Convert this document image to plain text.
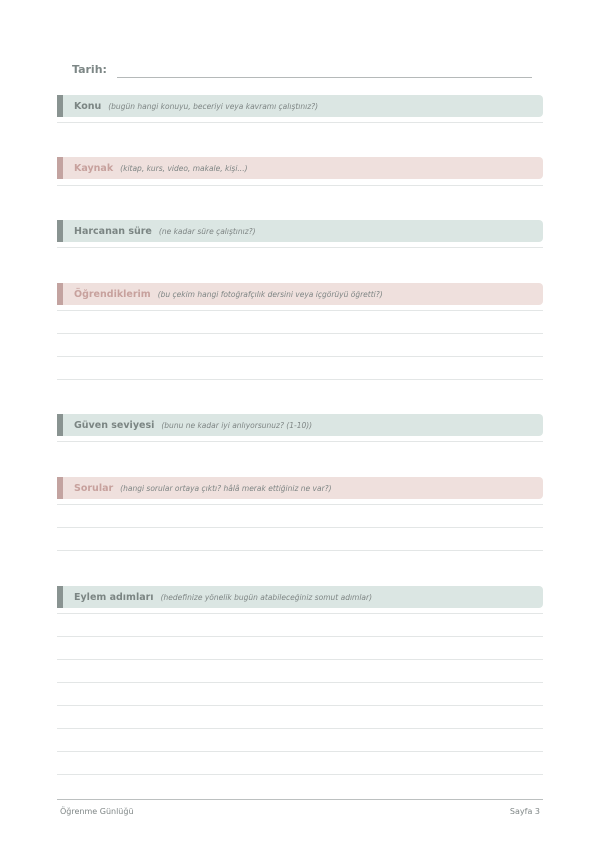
Tarih:
Konu (bugün hangi konuyu, beceriyi veya kavramı çalıştınız?)
Kaynak (kitap, kurs, video, makale, kişi...)
Harcanan süre (ne kadar süre çalıştınız?)
Öğrendiklerim (bu çekim hangi fotoğrafçılık dersini veya içgörüyü öğretti?)
Güven seviyesi (bunu ne kadar iyi anlıyorsunuz? (1-10))
Sorular (hangi sorular ortaya çıktı? hâlâ merak ettiğiniz ne var?)
Eylem adımları (hedefinize yönelik bugün atabileceğiniz somut adımlar)
Öğrenme Günlüğü	Sayfa 3
